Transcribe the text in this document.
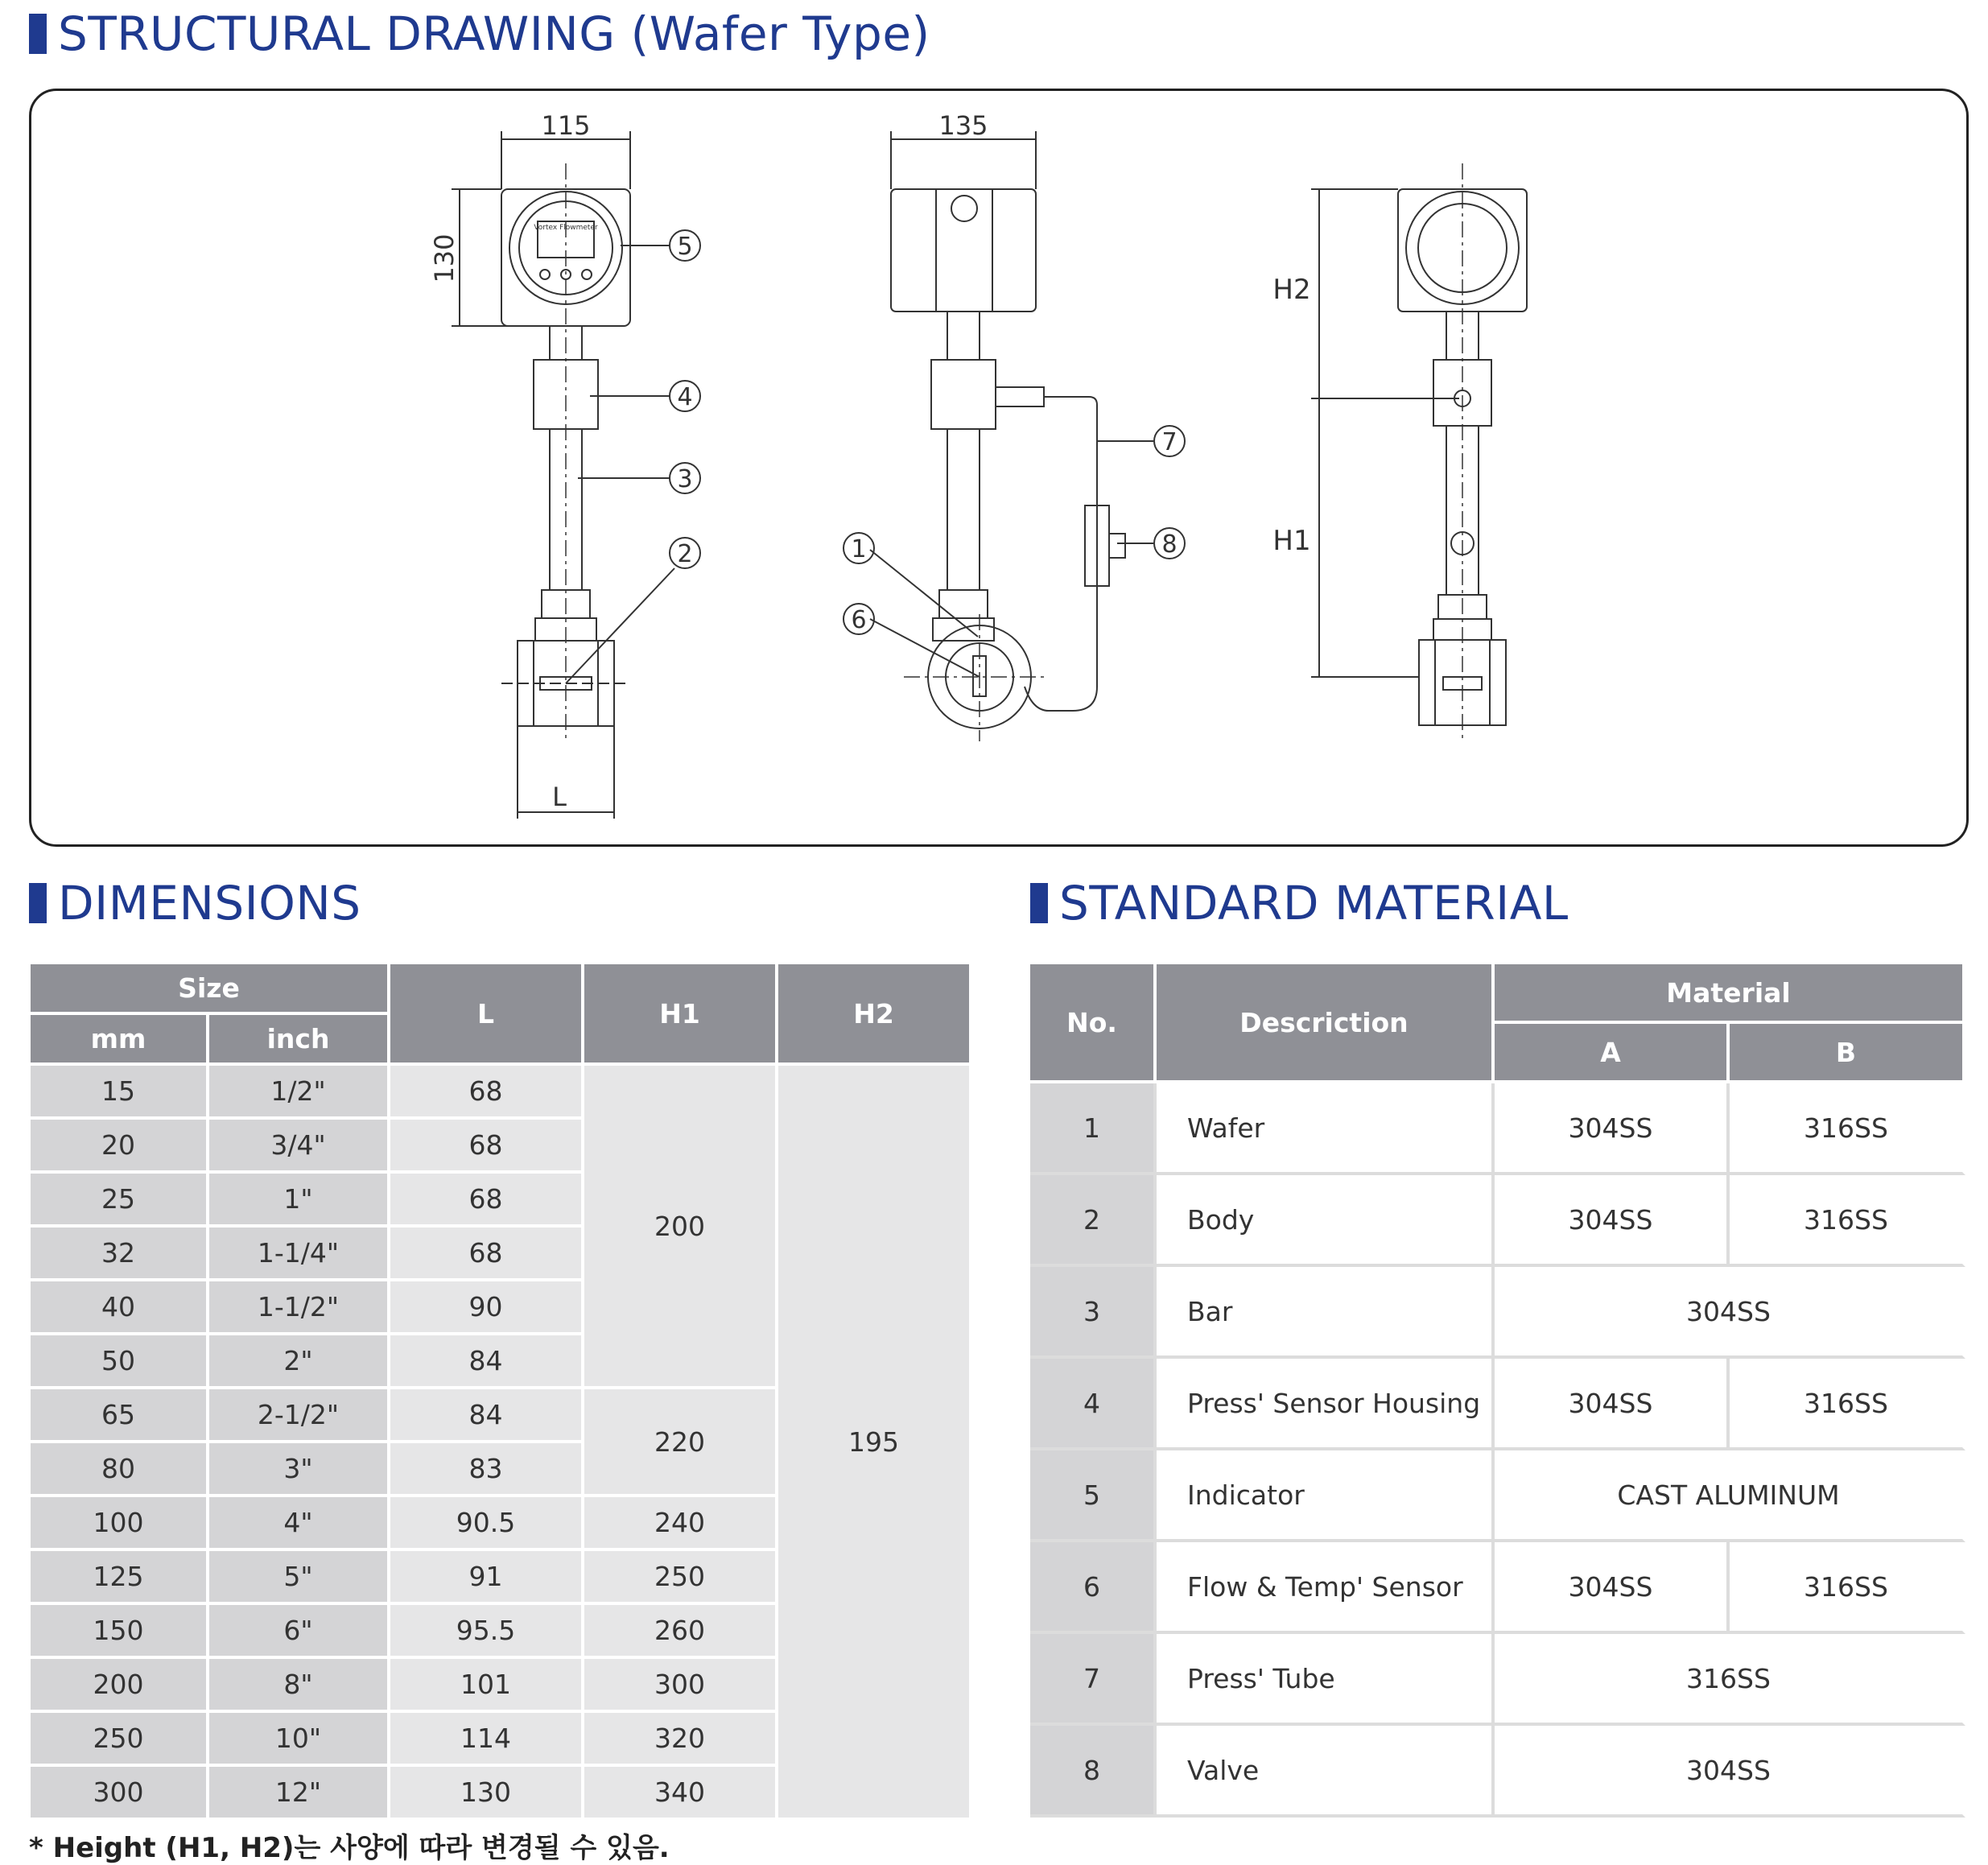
STRUCTURAL DRAWING (Wafer Type)
DIMENSIONS	STANDARD MATERIAL
Vortex Flowmeter
115
130
L
135
H2
H1
5
4
3
2	1
6
7
8
Size		L	H1	H2
mm	inch			
15	1/2"	68	200	195
20	3/4"	68		
25	1"	68		
32	1-1/4"	68		
40	1-1/2"	90		
50	2"	84		
65	2-1/2"	84	220	
80	3"	83		
100	4"	90.5	240	
125	5"	91	250	
150	6"	95.5	260	
200	8"	101	300	
250	10"	114	320	
300	12"	130	340	
No.	Descriction	Material	
		A	B
1	Wafer	304SS	316SS
2	Body	304SS	316SS
3	Bar	304SS	
4	Press' Sensor Housing	304SS	316SS
5	Indicator	CAST ALUMINUM	
6	Flow & Temp' Sensor	304SS	316SS
7	Press' Tube	316SS	
8	Valve	304SS	
* Height (H1, H2)는 사양에 따라 변경될 수 있음.
